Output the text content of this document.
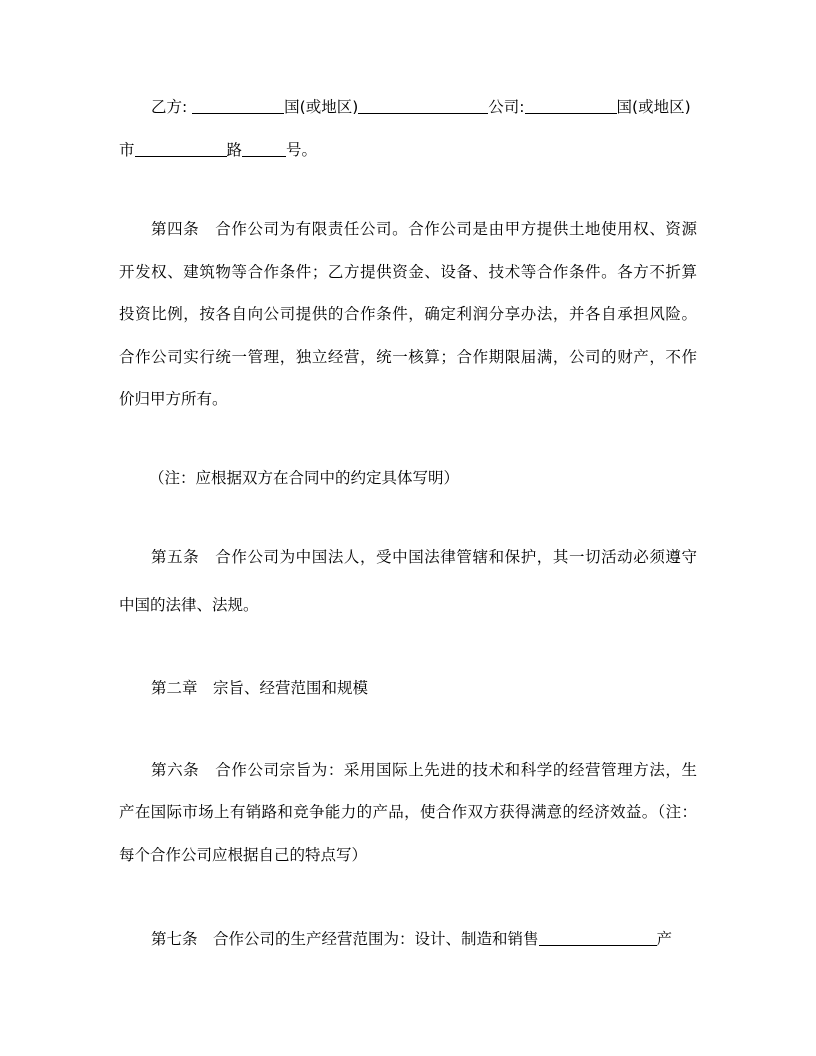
乙方:	国(或地区)	公司:	国(或地区)
市	路	号。
第四条　合作公司为有限责任公司。合作公司是由甲方提供土地使用权、资源
开发权、建筑物等合作条件；乙方提供资金、设备、技术等合作条件。各方不折算
投资比例，按各自向公司提供的合作条件，确定利润分享办法，并各自承担风险。
合作公司实行统一管理，独立经营，统一核算；合作期限届满，公司的财产，不作
价归甲方所有。
（注：应根据双方在合同中的约定具体写明）
第五条　合作公司为中国法人，受中国法律管辖和保护，其一切活动必须遵守
中国的法律、法规。
第二章　宗旨、经营范围和规模
第六条　合作公司宗旨为：采用国际上先进的技术和科学的经营管理方法，生
产在国际市场上有销路和竞争能力的产品，使合作双方获得满意的经济效益。（注：
每个合作公司应根据自己的特点写）
第七条　合作公司的生产经营范围为：设计、制造和销售	产
